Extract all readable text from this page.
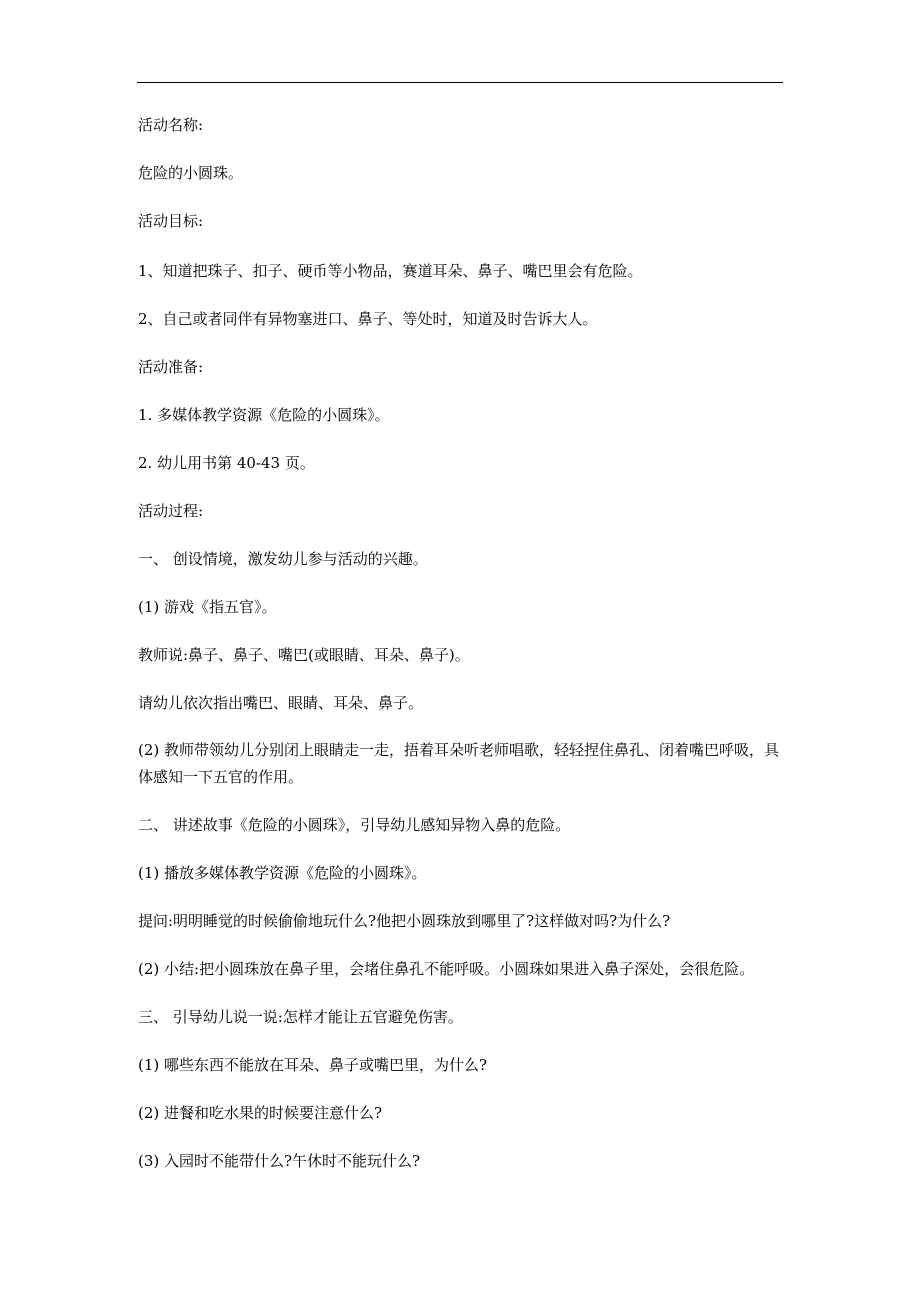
活动名称:
危险的小圆珠。
活动目标:
1、知道把珠子、扣子、硬币等小物品，赛道耳朵、鼻子、嘴巴里会有危险。
2、自己或者同伴有异物塞进口、鼻子、等处时，知道及时告诉大人。
活动准备:
1. 多媒体教学资源《危险的小圆珠》。
2. 幼儿用书第 40-43 页。
活动过程:
一、 创设情境，激发幼儿参与活动的兴趣。
(1) 游戏《指五官》。
教师说:鼻子、鼻子、嘴巴(或眼睛、耳朵、鼻子)。
请幼儿依次指出嘴巴、眼睛、耳朵、鼻子。
(2) 教师带领幼儿分别闭上眼睛走一走，捂着耳朵听老师唱歌，轻轻捏住鼻孔、闭着嘴巴呼吸，具体感知一下五官的作用。
二、 讲述故事《危险的小圆珠》，引导幼儿感知异物入鼻的危险。
(1) 播放多媒体教学资源《危险的小圆珠》。
提问:明明睡觉的时候偷偷地玩什么?他把小圆珠放到哪里了?这样做对吗?为什么?
(2) 小结:把小圆珠放在鼻子里，会堵住鼻孔不能呼吸。小圆珠如果进入鼻子深处，会很危险。
三、 引导幼儿说一说:怎样才能让五官避免伤害。
(1) 哪些东西不能放在耳朵、鼻子或嘴巴里，为什么?
(2) 进餐和吃水果的时候要注意什么?
(3) 入园时不能带什么?午休时不能玩什么?
